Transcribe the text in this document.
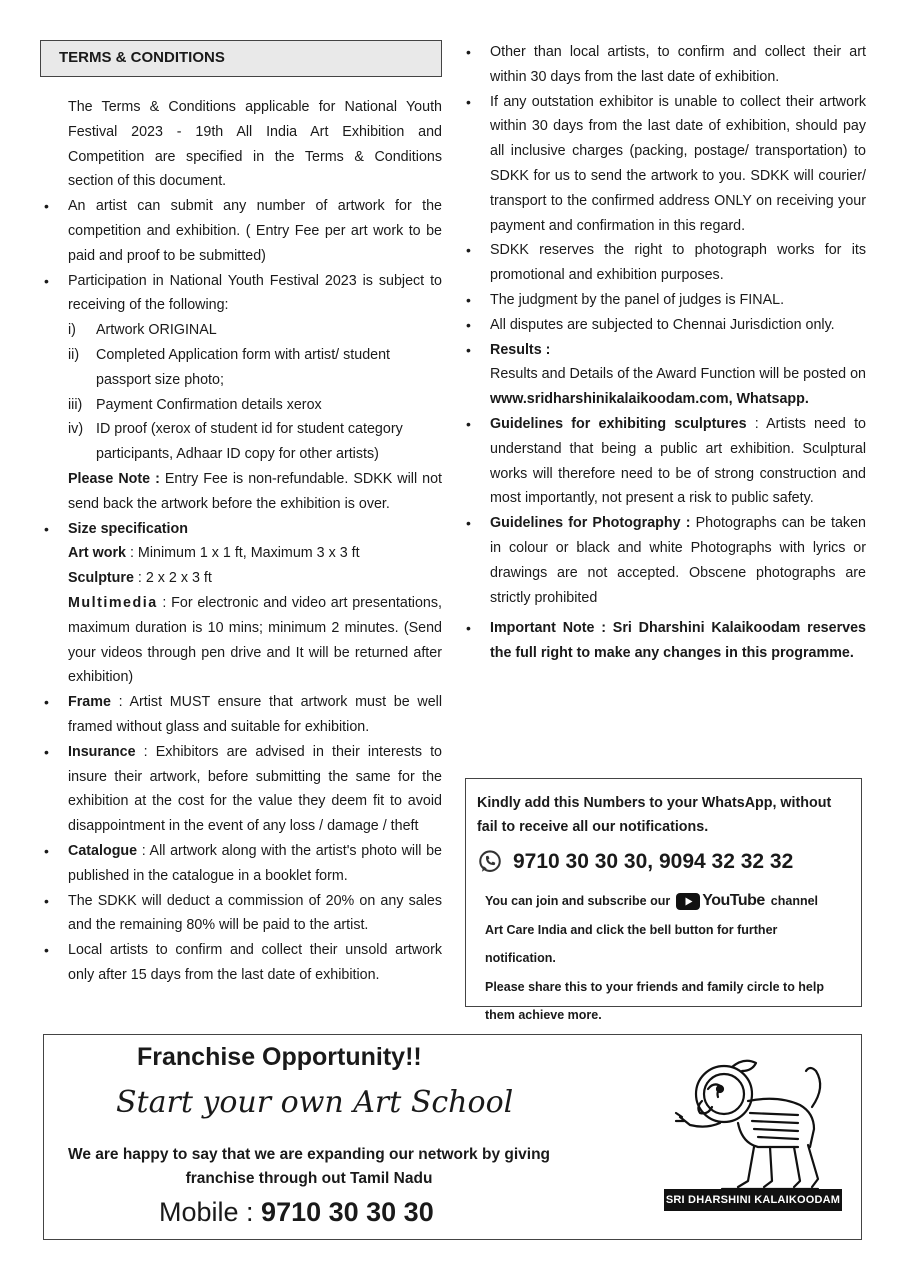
TERMS & CONDITIONS

The Terms & Conditions applicable for National Youth Festival 2023 - 19th All India Art Exhibition and Competition are specified in the Terms & Conditions section of this document.

• An artist can submit any number of artwork for the competition and exhibition. ( Entry Fee per art work to be paid and proof to be submitted)
• Participation in National Youth Festival 2023 is subject to receiving of the following:
i)	Artwork ORIGINAL
ii)	Completed Application form with artist/ student passport size photo;
iii) Payment Confirmation details xerox
iv) ID proof (xerox of student id for student category participants, Adhaar ID copy for other artists)
Please Note : Entry Fee is non-refundable. SDKK will not send back the artwork before the exhibition is over.
• Size specification
Art work : Minimum 1 x 1 ft, Maximum 3 x 3 ft
Sculpture : 2 x 2 x 3 ft
Multimedia : For electronic and video art presentations, maximum duration is 10 mins; minimum 2 minutes. (Send your videos through pen drive and It will be returned after exhibition)
• Frame : Artist MUST ensure that artwork must be well framed without glass and suitable for exhibition.
• Insurance : Exhibitors are advised in their interests to insure their artwork, before submitting the same for the exhibition at the cost for the value they deem fit to avoid disappointment in the event of any loss / damage / theft
• Catalogue : All artwork along with the artist's photo will be published in the catalogue in a booklet form.
• The SDKK will deduct a commission of 20% on any sales and the remaining 80% will be paid to the artist.
• Local artists to confirm and collect their unsold artwork only after 15 days from the last date of exhibition.
• Other than local artists, to confirm and collect their art within 30 days from the last date of exhibition.
• If any outstation exhibitor is unable to collect their artwork within 30 days from the last date of exhibition, should pay all inclusive charges (packing, postage/ transportation) to SDKK for us to send the artwork to you. SDKK will courier/ transport to the confirmed address ONLY on receiving your payment and confirmation in this regard.
• SDKK reserves the right to photograph works for its promotional and exhibition purposes.
• The judgment by the panel of judges is FINAL.
• All disputes are subjected to Chennai Jurisdiction only.
• Results :
Results and Details of the Award Function will be posted on www.sridharshinikalaikoodam.com, Whatsapp.
• Guidelines for exhibiting sculptures : Artists need to understand that being a public art exhibition. Sculptural works will therefore need to be of strong construction and most importantly, not present a risk to public safety.
• Guidelines for Photography : Photographs can be taken in colour or black and white Photographs with lyrics or drawings are not accepted. Obscene photographs are strictly prohibited
• Important Note : Sri Dharshini Kalaikoodam reserves the full right to make any changes in this programme.
Kindly add this Numbers to your WhatsApp, without fail to receive all our notifications.
9710 30 30 30, 9094 32 32 32
You can join and subscribe our YouTube channel
Art Care India and click the bell button for further notification.
Please share this to your friends and family circle to help them achieve more.
Franchise Opportunity!!
Start your own Art School
We are happy to say that we are expanding our network by giving franchise through out Tamil Nadu
Mobile : 9710 30 30 30	SRI DHARSHINI KALAIKOODAM
